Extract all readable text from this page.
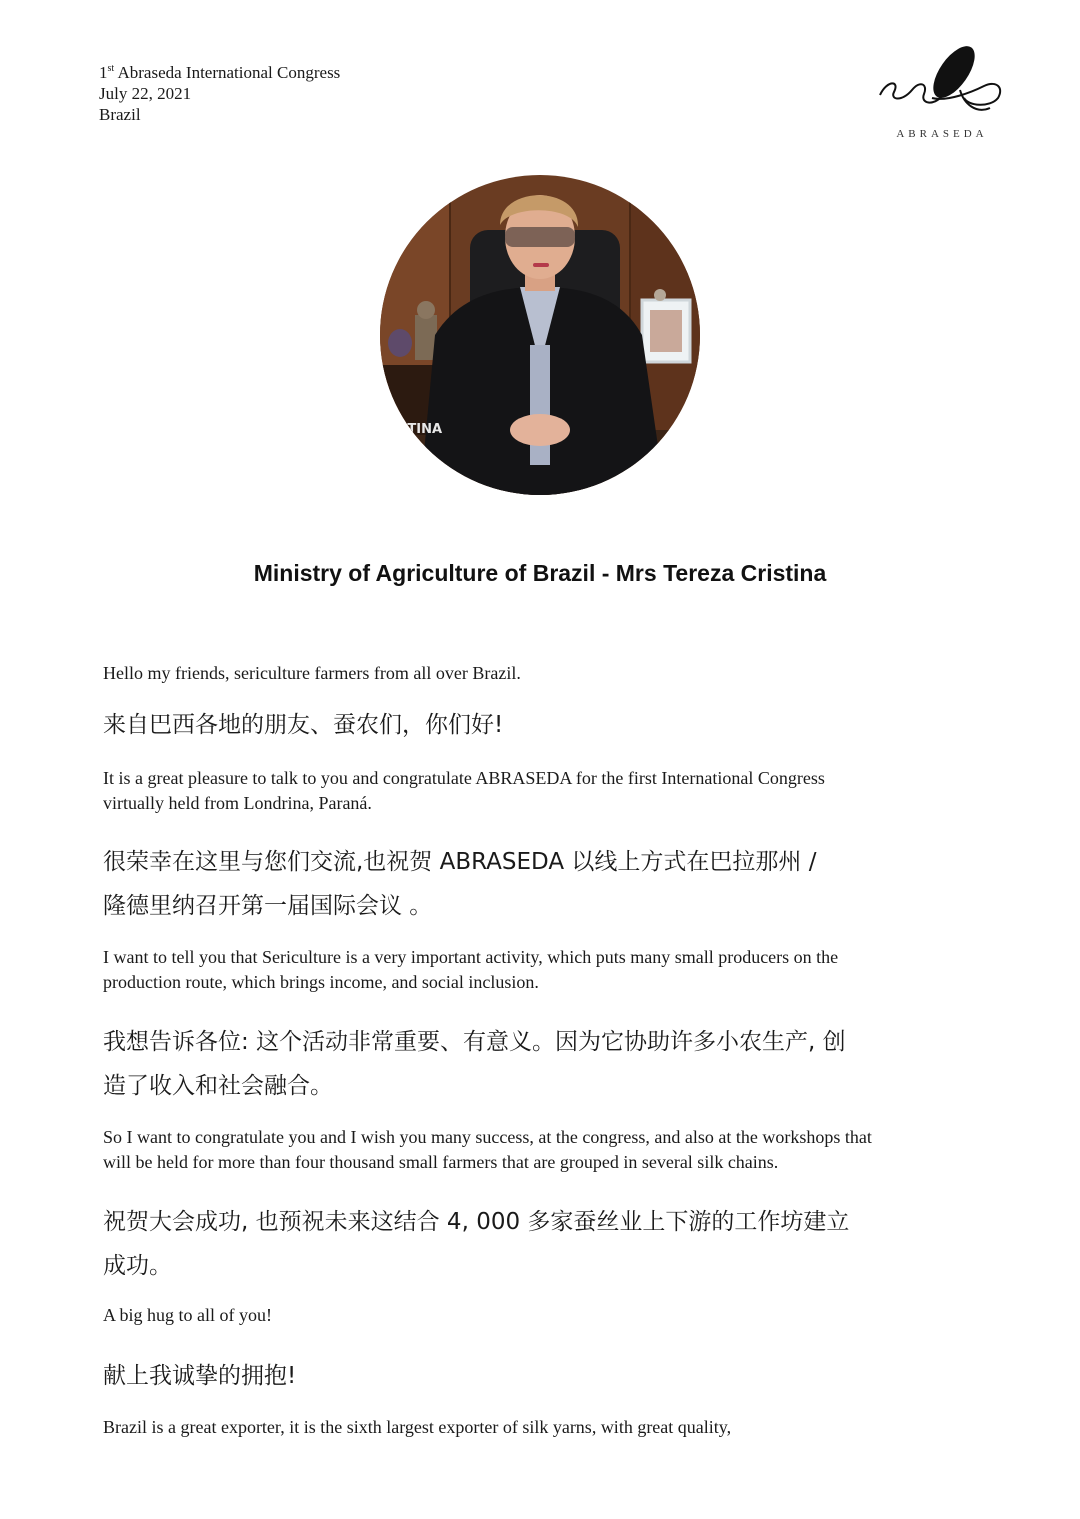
1st Abraseda International Congress
July 22, 2021
Brazil
ABRASEDA
STINA
Ministry of Agriculture of Brazil - Mrs Tereza Cristina
Hello my friends, sericulture farmers from all over Brazil.
来自巴西各地的朋友、蚕农们，你们好!
It is a great pleasure to talk to you and congratulate ABRASEDA for the first International Congress
virtually held from Londrina, Paraná.
很荣幸在这里与您们交流,也祝贺 ABRASEDA 以线上方式在巴拉那州 /
隆德里纳召开第一届国际会议 。
I want to tell you that Sericulture is a very important activity, which puts many small producers on the
production route, which brings income, and social inclusion.
我想告诉各位: 这个活动非常重要、有意义。因为它协助许多小农生产, 创
造了收入和社会融合。
So I want to congratulate you and I wish you many success, at the congress, and also at the workshops that
will be held for more than four thousand small farmers that are grouped in several silk chains.
祝贺大会成功, 也预祝未来这结合 4, 000 多家蚕丝业上下游的工作坊建立
成功。
A big hug to all of you!
献上我诚挚的拥抱!
Brazil is a great exporter, it is the sixth largest exporter of silk yarns, with great quality,
